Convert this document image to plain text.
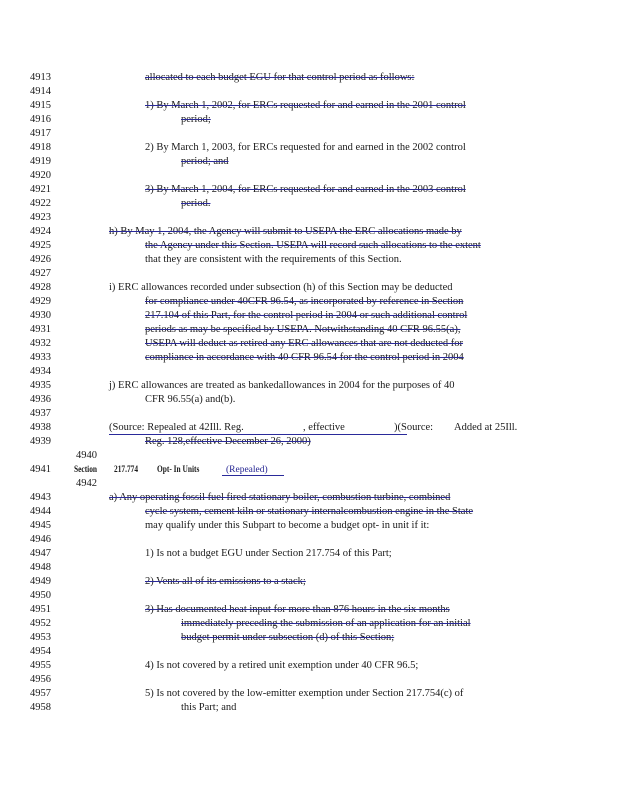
4913
4914
4915
4916
4917
4918
4919
4920
4921
4922
4923
4924
4925
4926
4927
4928
4929
4930
4931
4932
4933
4934
4935
4936
4937
4938
4939
4940
4941
4942
4943
4944
4945
4946
4947
4948
4949
4950
4951
4952
4953
4954
4955
4956
4957
4958
allocated to each budget EGU for that control period as follows:
1) By March 1, 2002, for ERCs requested for and earned in the 2001 control
period;
2) By March 1, 2003, for ERCs requested for and earned in the 2002 control
period; and
3) By March 1, 2004, for ERCs requested for and earned in the 2003 control
period.
h) By May 1, 2004, the Agency will submit to USEPA the ERC allocations made by
the Agency under this Section. USEPA will record such allocations to the extent
that they are consistent with the requirements of this Section.
i) ERC allowances recorded under subsection (h) of this Section may be deducted
for compliance under 40CFR 96.54, as incorporated by reference in Section
217.104 of this Part, for the control period in 2004 or such additional control
periods as may be specified by USEPA. Notwithstanding 40 CFR 96.55(a),
USEPA will deduct as retired any ERC allowances that are not deducted for
compliance in accordance with 40 CFR 96.54 for the control period in 2004
j) ERC allowances are treated as bankedallowances in 2004 for the purposes of 40
CFR 96.55(a) and(b).
(Source: Repealed at 42Ill. Reg.	, effective	)(Source: Added at 25Ill.
Reg. 128,effective December 26, 2000)
Section 217.774 Opt- In Units	(Repealed)
a) Any operating fossil fuel fired stationary boiler, combustion turbine, combined
cycle system, cement kiln or stationary internalcombustion engine in the State
may qualify under this Subpart to become a budget opt- in unit if it:
1) Is not a budget EGU under Section 217.754 of this Part;
2) Vents all of its emissions to a stack;
3) Has documented heat input for more than 876 hours in the six months
immediately preceding the submission of an application for an initial
budget permit under subsection (d) of this Section;
4) Is not covered by a retired unit exemption under 40 CFR 96.5;
5) Is not covered by the low-emitter exemption under Section 217.754(c) of
this Part; and
